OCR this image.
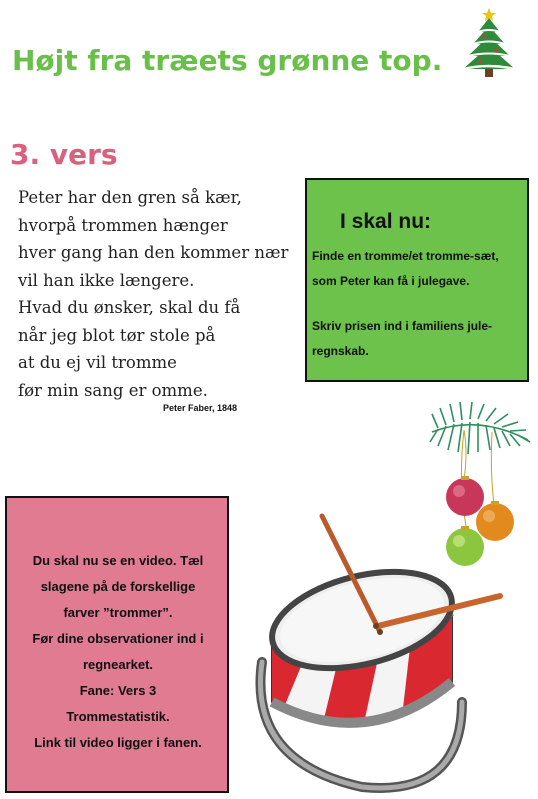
Højt fra træets grønne top.
3. vers
Peter har den gren så kær,
hvorpå trommen hænger
hver gang han den kommer nær
vil han ikke længere.
Hvad du ønsker, skal du få
når jeg blot tør stole på
at du ej vil tromme
før min sang er omme.
Peter Faber, 1848
I skal nu:

Finde en tromme/et tromme-sæt, som Peter kan få i julegave.

Skriv prisen ind i familiens jule-regnskab.

Du skal nu se en video. Tæl
slagene på de forskellige
farver ”trommer”.
Før dine observationer ind i
regnearket.
Fane: Vers 3
Trommestatistik.
Link til video ligger i fanen.
